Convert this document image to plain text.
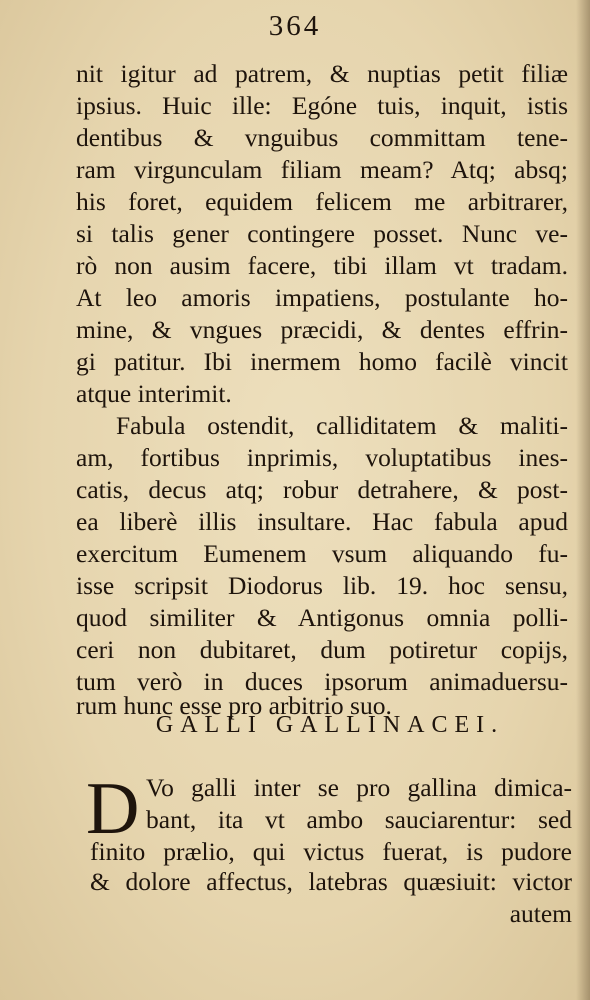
364
nit igitur ad patrem, & nuptias petit filiæ
ipsius. Huic ille: Egóne tuis, inquit, istis
dentibus & vnguibus committam tene-
ram virgunculam filiam meam? Atq; absq;
his foret, equidem felicem me arbitrarer,
si talis gener contingere posset. Nunc ve-
rò non ausim facere, tibi illam vt tradam.
At leo amoris impatiens, postulante ho-
mine, & vngues præcidi, & dentes effrin-
gi patitur. Ibi inermem homo facilè vincit
atque interimit.
Fabula ostendit, calliditatem & maliti-
am, fortibus inprimis, voluptatibus ines-
catis, decus atq; robur detrahere, & post-
ea liberè illis insultare. Hac fabula apud
exercitum Eumenem vsum aliquando fu-
isse scripsit Diodorus lib. 19. hoc sensu,
quod similiter & Antigonus omnia polli-
ceri non dubitaret, dum potiretur copijs,
tum verò in duces ipsorum animaduersu-
rum hunc esse pro arbitrio suo.
GALLI GALLINACEI.
D Vo galli inter se pro gallina dimica-
bant, ita vt ambo sauciarentur: sed
finito prælio, qui victus fuerat, is pudore
& dolore affectus, latebras quæsiuit: victor
autem
